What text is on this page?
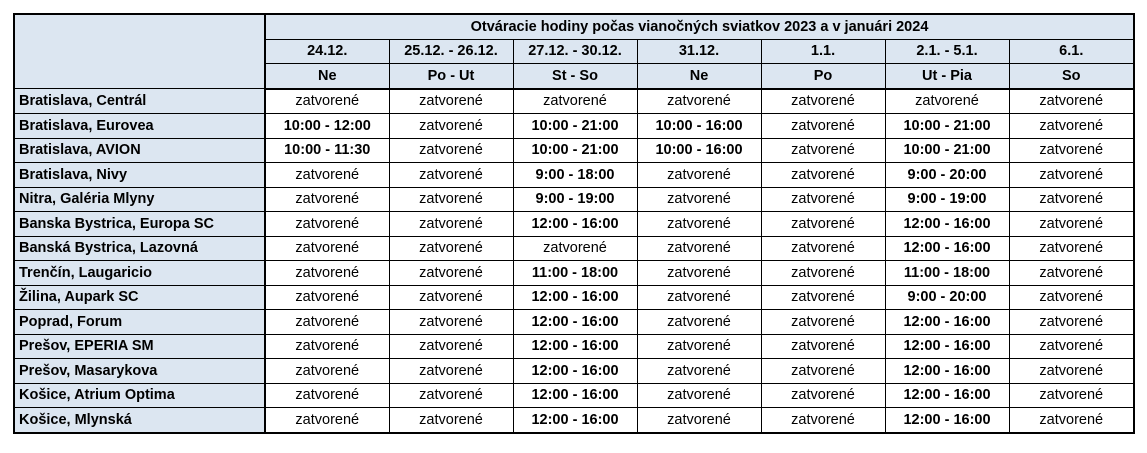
	Otváracie hodiny počas vianočných sviatkov 2023 a v januári 2024						
	24.12.	25.12. - 26.12.	27.12. - 30.12.	31.12.	1.1.	2.1. - 5.1.	6.1.
	Ne	Po - Ut	St - So	Ne	Po	Ut - Pia	So
Bratislava, Centrál	zatvorené	zatvorené	zatvorené	zatvorené	zatvorené	zatvorené	zatvorené
Bratislava, Eurovea	10:00 - 12:00	zatvorené	10:00 - 21:00	10:00 - 16:00	zatvorené	10:00 - 21:00	zatvorené
Bratislava, AVION	10:00 - 11:30	zatvorené	10:00 - 21:00	10:00 - 16:00	zatvorené	10:00 - 21:00	zatvorené
Bratislava, Nivy	zatvorené	zatvorené	9:00 - 18:00	zatvorené	zatvorené	9:00 - 20:00	zatvorené
Nitra, Galéria Mlyny	zatvorené	zatvorené	9:00 - 19:00	zatvorené	zatvorené	9:00 - 19:00	zatvorené
Banska Bystrica, Europa SC	zatvorené	zatvorené	12:00 - 16:00	zatvorené	zatvorené	12:00 - 16:00	zatvorené
Banská Bystrica, Lazovná	zatvorené	zatvorené	zatvorené	zatvorené	zatvorené	12:00 - 16:00	zatvorené
Trenčín, Laugaricio	zatvorené	zatvorené	11:00 - 18:00	zatvorené	zatvorené	11:00 - 18:00	zatvorené
Žilina, Aupark SC	zatvorené	zatvorené	12:00 - 16:00	zatvorené	zatvorené	9:00 - 20:00	zatvorené
Poprad, Forum	zatvorené	zatvorené	12:00 - 16:00	zatvorené	zatvorené	12:00 - 16:00	zatvorené
Prešov, EPERIA SM	zatvorené	zatvorené	12:00 - 16:00	zatvorené	zatvorené	12:00 - 16:00	zatvorené
Prešov, Masarykova	zatvorené	zatvorené	12:00 - 16:00	zatvorené	zatvorené	12:00 - 16:00	zatvorené
Košice, Atrium Optima	zatvorené	zatvorené	12:00 - 16:00	zatvorené	zatvorené	12:00 - 16:00	zatvorené
Košice, Mlynská	zatvorené	zatvorené	12:00 - 16:00	zatvorené	zatvorené	12:00 - 16:00	zatvorené
